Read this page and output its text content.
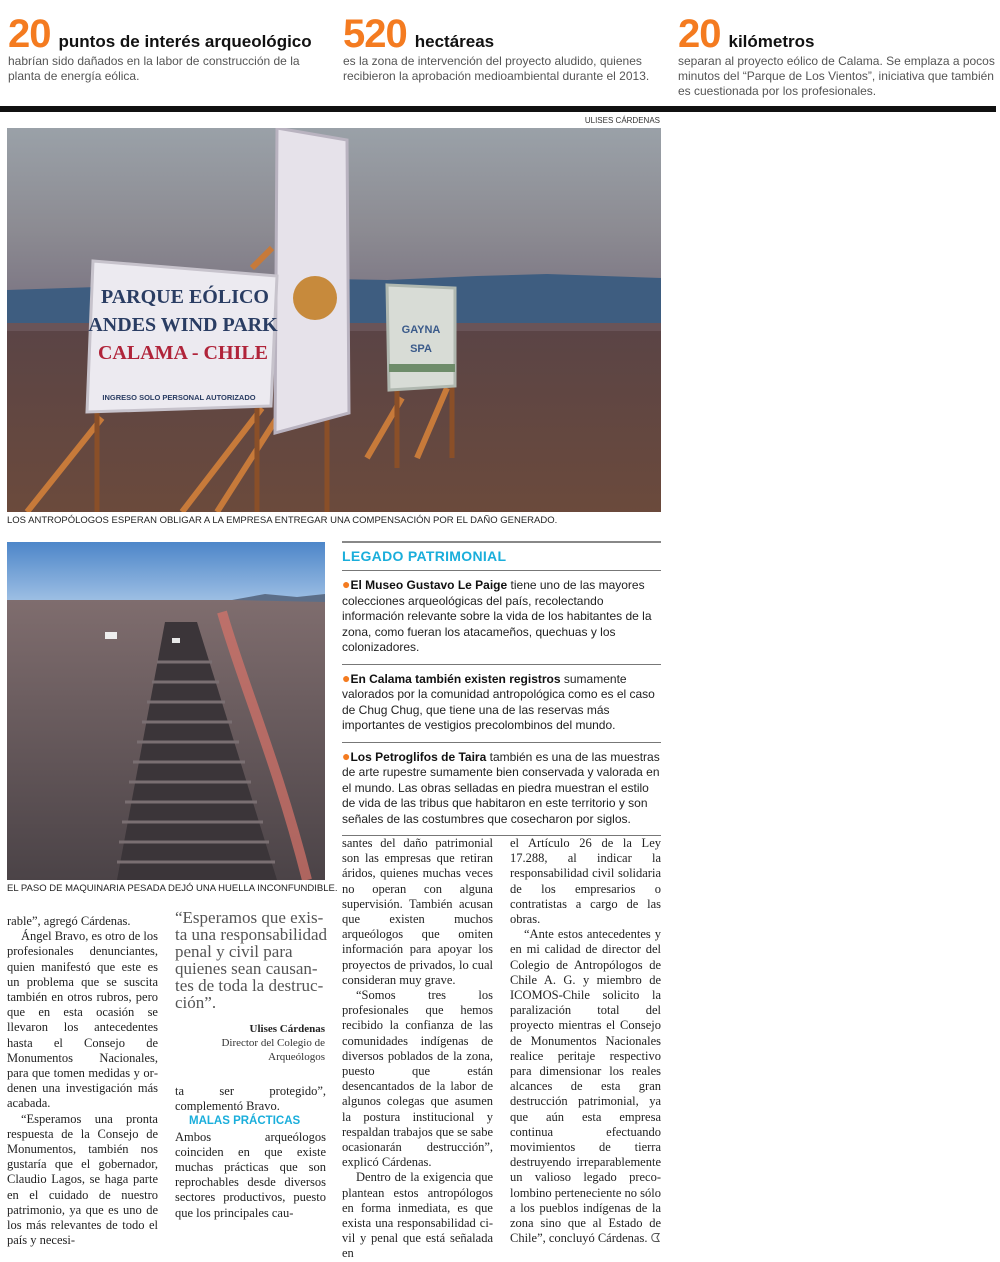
20 puntos de interés arqueológico
habrían sido dañados en la labor de construcción de la planta de energía eólica.
520 hectáreas
es la zona de intervención del proyecto aludido, quienes recibieron la aprobación medioambiental durante el 2013.
20 kilómetros
separan al proyecto eólico de Calama. Se emplaza a pocos minutos del “Parque de Los Vientos”, iniciativa que también es cuestionada por los profesionales.
ULISES CÁRDENAS
GAYNA
SPA
PARQUE EÓLICO
ANDES WIND PARK
CALAMA - CHILE
INGRESO SOLO PERSONAL AUTORIZADO
LOS ANTROPÓLOGOS ESPERAN OBLIGAR A LA EMPRESA ENTREGAR UNA COMPENSACIÓN POR EL DAÑO GENERADO.
EL PASO DE MAQUINARIA PESADA DEJÓ UNA HUELLA INCONFUNDIBLE.
LEGADO PATRIMONIAL
●El Museo Gustavo Le Paige tiene uno de las mayores colecciones arqueológicas del país, recolectando información relevante sobre la vida de los habitantes de la zona, como fueran los atacameños, quechuas y los colonizadores.
●En Calama también existen registros sumamente valorados por la comunidad antropológica como es el caso de Chug Chug, que tiene una de las reservas más importantes de vestigios precolombinos del mundo.
●Los Petroglifos de Taira también es una de las muestras de arte rupestre sumamente bien conservada y valorada en el mundo. Las obras selladas en piedra muestran el estilo de vida de las tribus que habitaron en este territorio y son señales de las costumbres que cosecharon por siglos.

rable”, agregó Cárdenas.

Ángel Bravo, es otro de los profesionales denunciantes, quien manifestó que este es un problema que se suscita también en otros rubros, pero que en esta ocasión se llevaron los antecedentes hasta el Consejo de Monumentos Nacionales, para que tomen medidas y ordenen una investigación más acabada.

“Esperamos una pronta respuesta de la Consejo de Monumentos, también nos gustaría que el gobernador, Claudio Lagos, se haga parte en el cuidado de nuestro patrimonio, ya que es uno de los más relevantes de todo el país y necesi-

“Esperamos que exista una responsabilidad penal y civil para quienes sean causantes de toda la destrucción”.
Ulises Cárdenas
Director del Colegio de Arqueólogos

ta ser protegido”, complementó Bravo.

MALAS PRÁCTICAS

Ambos arqueólogos coinciden en que existe muchas prácticas que son reprochables desde diversos sectores productivos, puesto que los principales cau-

santes del daño patrimonial son las empresas que retiran áridos, quienes muchas veces no operan con alguna supervisión. También acusan que existen muchos arqueólogos que omiten información para apoyar los proyectos de privados, lo cual consideran muy grave.

“Somos tres los profesionales que hemos recibido la confianza de las comunidades indígenas de diversos poblados de la zona, puesto que están desencantados de la labor de algunos colegas que asumen la postura institucional y respaldan trabajos que se sabe ocasionarán destrucción”, explicó Cárdenas.

Dentro de la exigencia que plantean estos antropólogos en forma inmediata, es que exista una responsabilidad civil y penal que está señalada en

el Artículo 26 de la Ley 17.288, al indicar la responsabilidad civil solidaria de los empresarios o contratistas a cargo de las obras.

“Ante estos antecedentes y en mi calidad de director del Colegio de Antropólogos de Chile A. G. y miembro de ICOMOS-Chile solicito la paralización total del proyecto mientras el Consejo de Monumentos Nacionales realice peritaje respectivo para dimensionar los reales alcances de esta gran destrucción patrimonial, ya que aún esta empresa continua efectuando movimientos de tierra destruyendo irreparablemente un valioso legado precolombino perteneciente no sólo a los pueblos indígenas de la zona sino que al Estado de Chile”, concluyó Cárdenas. ᗧ
